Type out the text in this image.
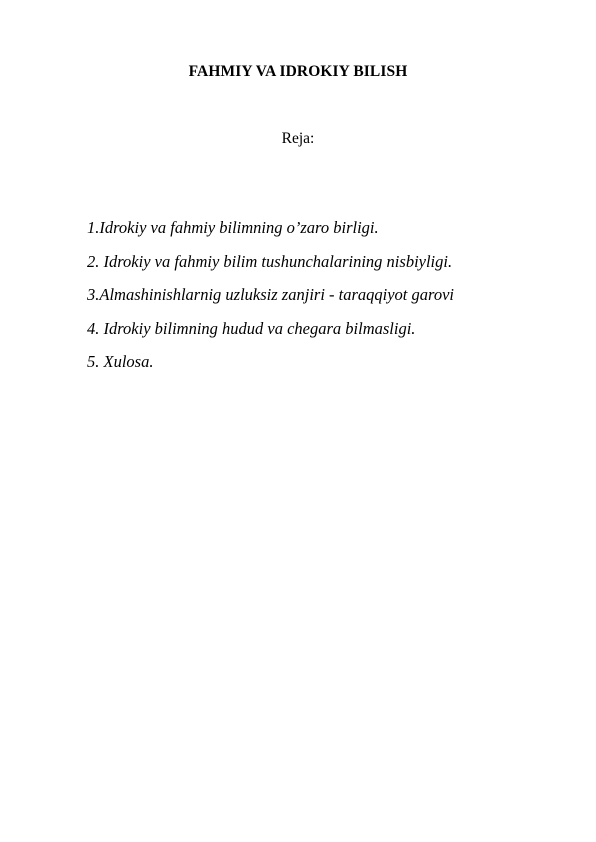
FAHMIY VA IDROKIY BILISH

Reja:

1.Idrokiy va fahmiy bilimning o’zaro birligi.
2. Idrokiy va fahmiy bilim tushunchalarining nisbiyligi.
3.Almashinishlarnig uzluksiz zanjiri - taraqqiyot garovi
4. Idrokiy bilimning hudud va chegara bilmasligi.
5. Xulosa.
